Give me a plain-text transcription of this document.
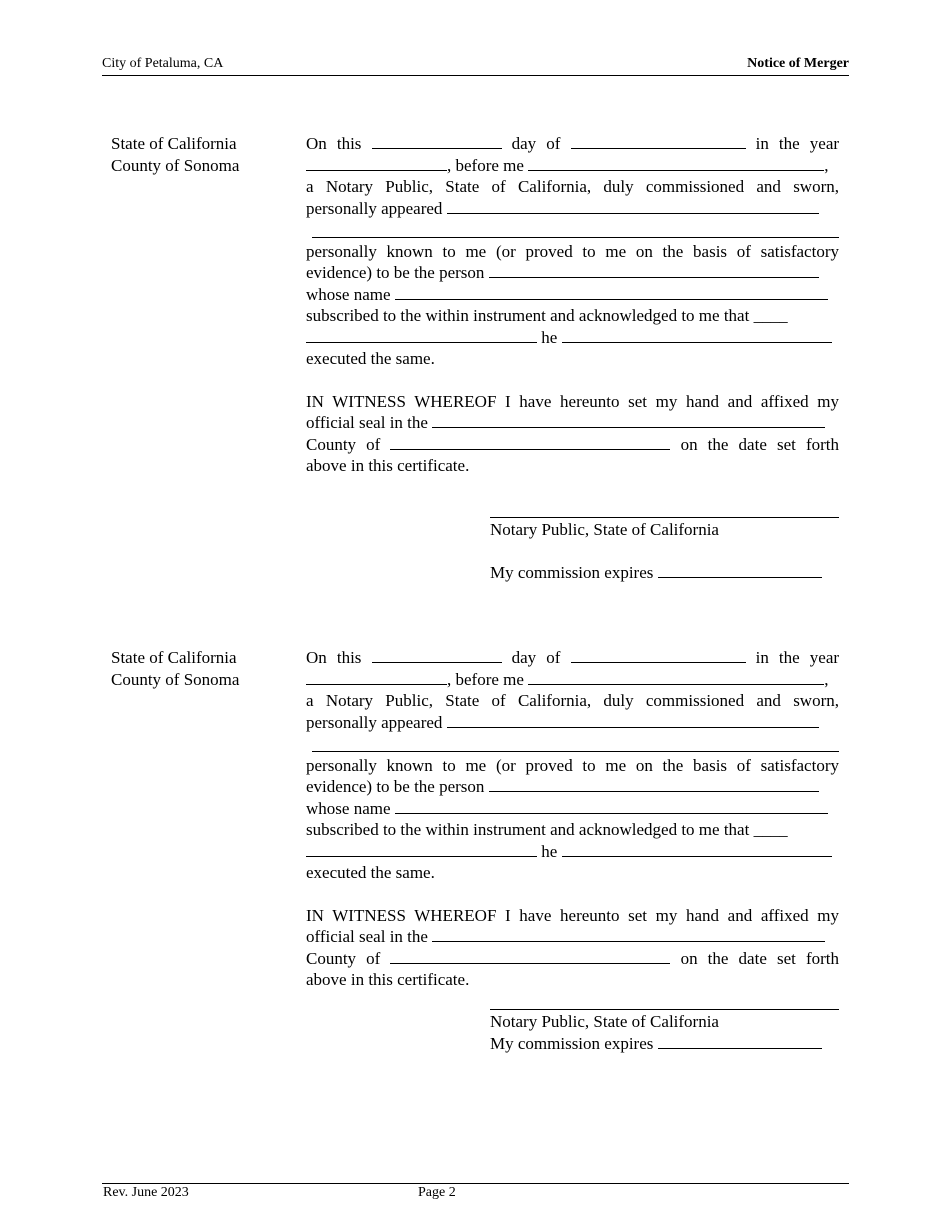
City of Petaluma, CA	Notice of Merger
State of California
County of Sonoma
On this	day of	in the year
, before me	,
a Notary Public, State of California, duly commissioned and sworn,
personally appeared
personally known to me (or proved to me on the basis of satisfactory
evidence) to be the person
whose name
subscribed to the within instrument and acknowledged to me that ____
he
executed the same.
IN WITNESS WHEREOF I have hereunto set my hand and affixed my
official seal in the
County of	on the date set forth
above in this certificate.
Notary Public, State of California
My commission expires
State of California
County of Sonoma
On this	day of	in the year
, before me	,
a Notary Public, State of California, duly commissioned and sworn,
personally appeared
personally known to me (or proved to me on the basis of satisfactory
evidence) to be the person
whose name
subscribed to the within instrument and acknowledged to me that ____
he
executed the same.
IN WITNESS WHEREOF I have hereunto set my hand and affixed my
official seal in the
County of	on the date set forth
above in this certificate.
Notary Public, State of California
My commission expires
Rev. June 2023	Page 2
